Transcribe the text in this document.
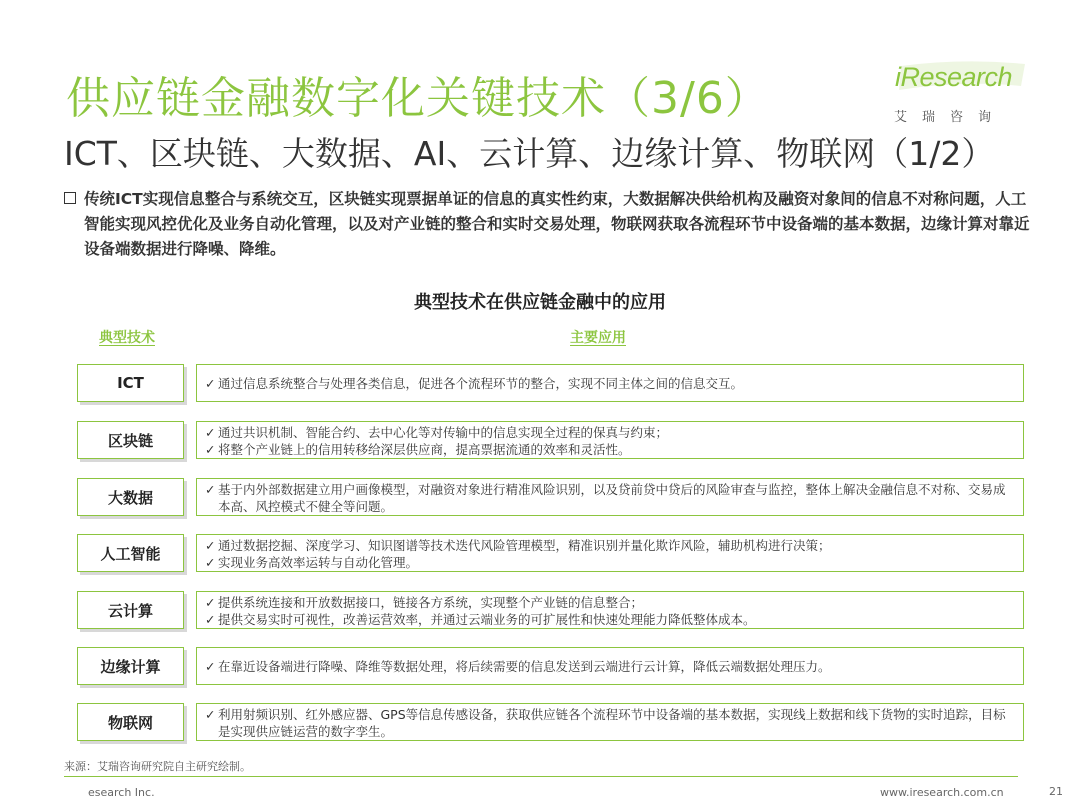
供应链金融数字化关键技术（3/6）
ICT、区块链、大数据、AI、云计算、边缘计算、物联网（1/2）
iResearch
艾瑞咨询
传统ICT实现信息整合与系统交互，区块链实现票据单证的信息的真实性约束，大数据解决供给机构及融资对象间的信息不对称问题，人工智能实现风控优化及业务自动化管理，以及对产业链的整合和实时交易处理，物联网获取各流程环节中设备端的基本数据，边缘计算对靠近设备端数据进行降噪、降维。
典型技术在供应链金融中的应用
典型技术	主要应用
ICT	✓ 通过信息系统整合与处理各类信息，促进各个流程环节的整合，实现不同主体之间的信息交互。
区块链	✓ 通过共识机制、智能合约、去中心化等对传输中的信息实现全过程的保真与约束；
✓ 将整个产业链上的信用转移给深层供应商，提高票据流通的效率和灵活性。
大数据	✓ 基于内外部数据建立用户画像模型，对融资对象进行精准风险识别，以及贷前贷中贷后的风险审查与监控，整体上解决金融信息不对称、交易成本高、风控模式不健全等问题。
人工智能	✓ 通过数据挖掘、深度学习、知识图谱等技术迭代风险管理模型，精准识别并量化欺诈风险，辅助机构进行决策；
✓ 实现业务高效率运转与自动化管理。
云计算	✓ 提供系统连接和开放数据接口，链接各方系统，实现整个产业链的信息整合；
✓ 提供交易实时可视性，改善运营效率，并通过云端业务的可扩展性和快速处理能力降低整体成本。
边缘计算	✓ 在靠近设备端进行降噪、降维等数据处理，将后续需要的信息发送到云端进行云计算，降低云端数据处理压力。
物联网	✓ 利用射频识别、红外感应器、GPS等信息传感设备，获取供应链各个流程环节中设备端的基本数据，实现线上数据和线下货物的实时追踪，目标是实现供应链运营的数字孪生。
来源：艾瑞咨询研究院自主研究绘制。
esearch Inc.	www.iresearch.com.cn	21
